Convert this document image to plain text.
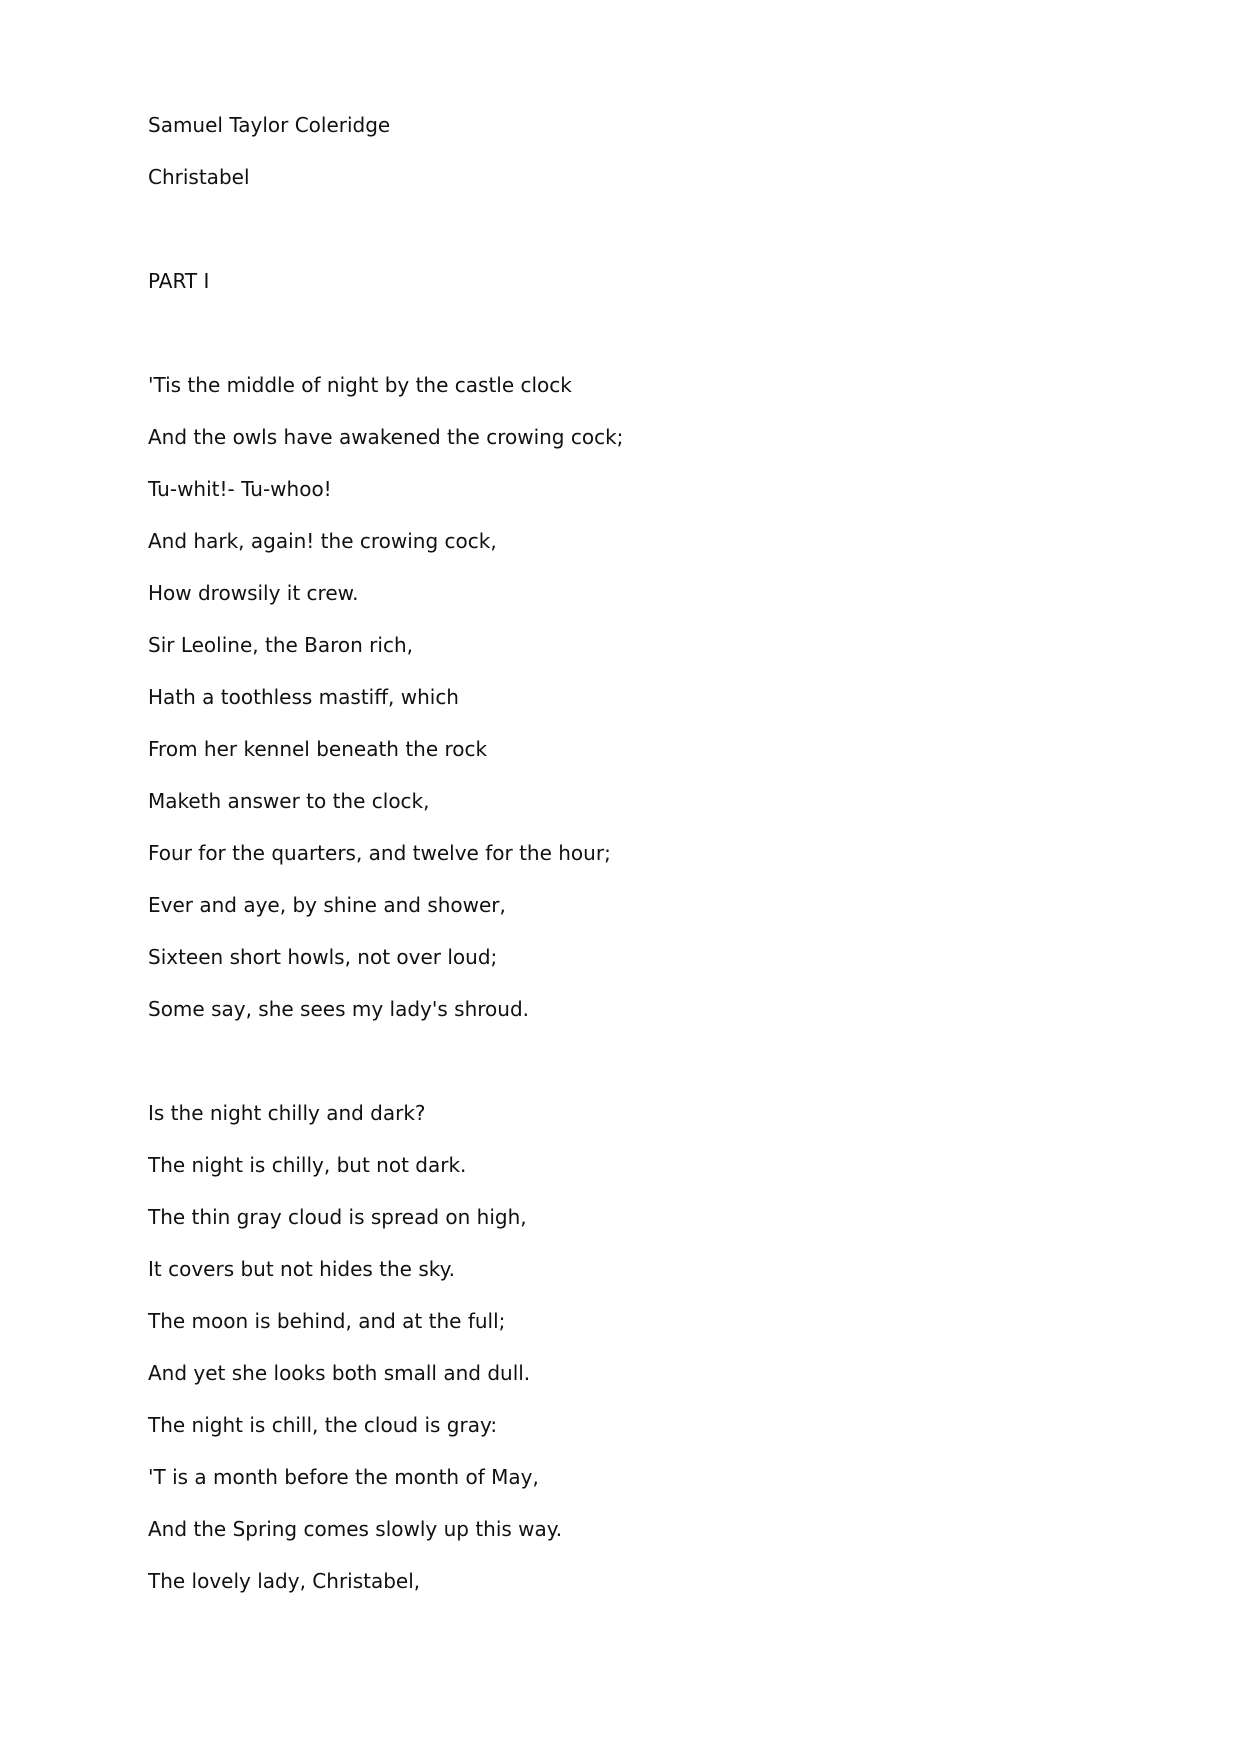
Samuel Taylor Coleridge

Christabel

PART I

'Tis the middle of night by the castle clock

And the owls have awakened the crowing cock;

Tu-whit!- Tu-whoo!

And hark, again! the crowing cock,

How drowsily it crew.

Sir Leoline, the Baron rich,

Hath a toothless mastiff, which

From her kennel beneath the rock

Maketh answer to the clock,

Four for the quarters, and twelve for the hour;

Ever and aye, by shine and shower,

Sixteen short howls, not over loud;

Some say, she sees my lady's shroud.

Is the night chilly and dark?

The night is chilly, but not dark.

The thin gray cloud is spread on high,

It covers but not hides the sky.

The moon is behind, and at the full;

And yet she looks both small and dull.

The night is chill, the cloud is gray:

'T is a month before the month of May,

And the Spring comes slowly up this way.

The lovely lady, Christabel,
